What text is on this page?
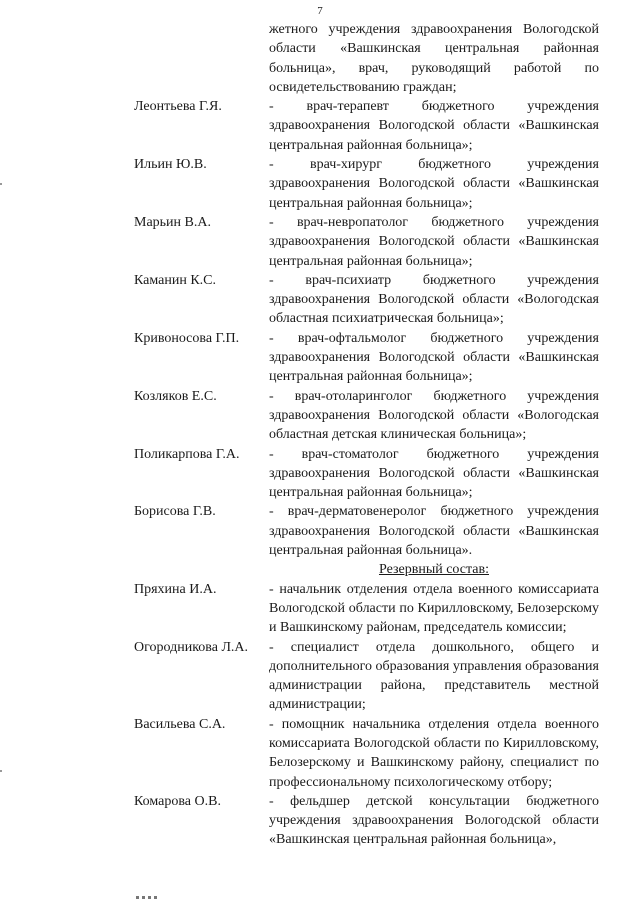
7
жетного учреждения здравоохранения Вологодской области «Вашкинская центральная районная больница», врач, руководящий работой по освидетельствованию граждан;
Леонтьева Г.Я.	- врач-терапевт бюджетного учреждения здравоохранения Вологодской области «Вашкинская центральная районная больница»;
Ильин Ю.В.	- врач-хирург бюджетного учреждения здравоохранения Вологодской области «Вашкинская центральная районная больница»;
Марьин В.А.	- врач-невропатолог бюджетного учреждения здравоохранения Вологодской области «Вашкинская центральная районная больница»;
Каманин К.С.	- врач-психиатр бюджетного учреждения здравоохранения Вологодской области «Вологодская областная психиатрическая больница»;
Кривоносова Г.П.	- врач-офтальмолог бюджетного учреждения здравоохранения Вологодской области «Вашкинская центральная районная больница»;
Козляков Е.С.	- врач-отоларинголог бюджетного учреждения здравоохранения Вологодской области «Вологодская областная детская клиническая больница»;
Поликарпова Г.А.	- врач-стоматолог бюджетного учреждения здравоохранения Вологодской области «Вашкинская центральная районная больница»;
Борисова Г.В.	- врач-дерматовенеролог бюджетного учреждения здравоохранения Вологодской области «Вашкинская центральная районная больница».
Резервный состав:
Пряхина И.А.	- начальник отделения отдела военного комиссариата Вологодской области по Кирилловскому, Белозерскому и Вашкинскому районам, председатель комиссии;
Огородникова Л.А.	- специалист отдела дошкольного, общего и дополнительного образования управления образования администрации района, представитель местной администрации;
Васильева С.А.	- помощник начальника отделения отдела военного комиссариата Вологодской области по Кирилловскому, Белозерскому и Вашкинскому району, специалист по профессиональному психологическому отбору;
Комарова О.В.	- фельдшер детской консультации бюджетного учреждения здравоохранения Вологодской области «Вашкинская центральная районная больница»,
